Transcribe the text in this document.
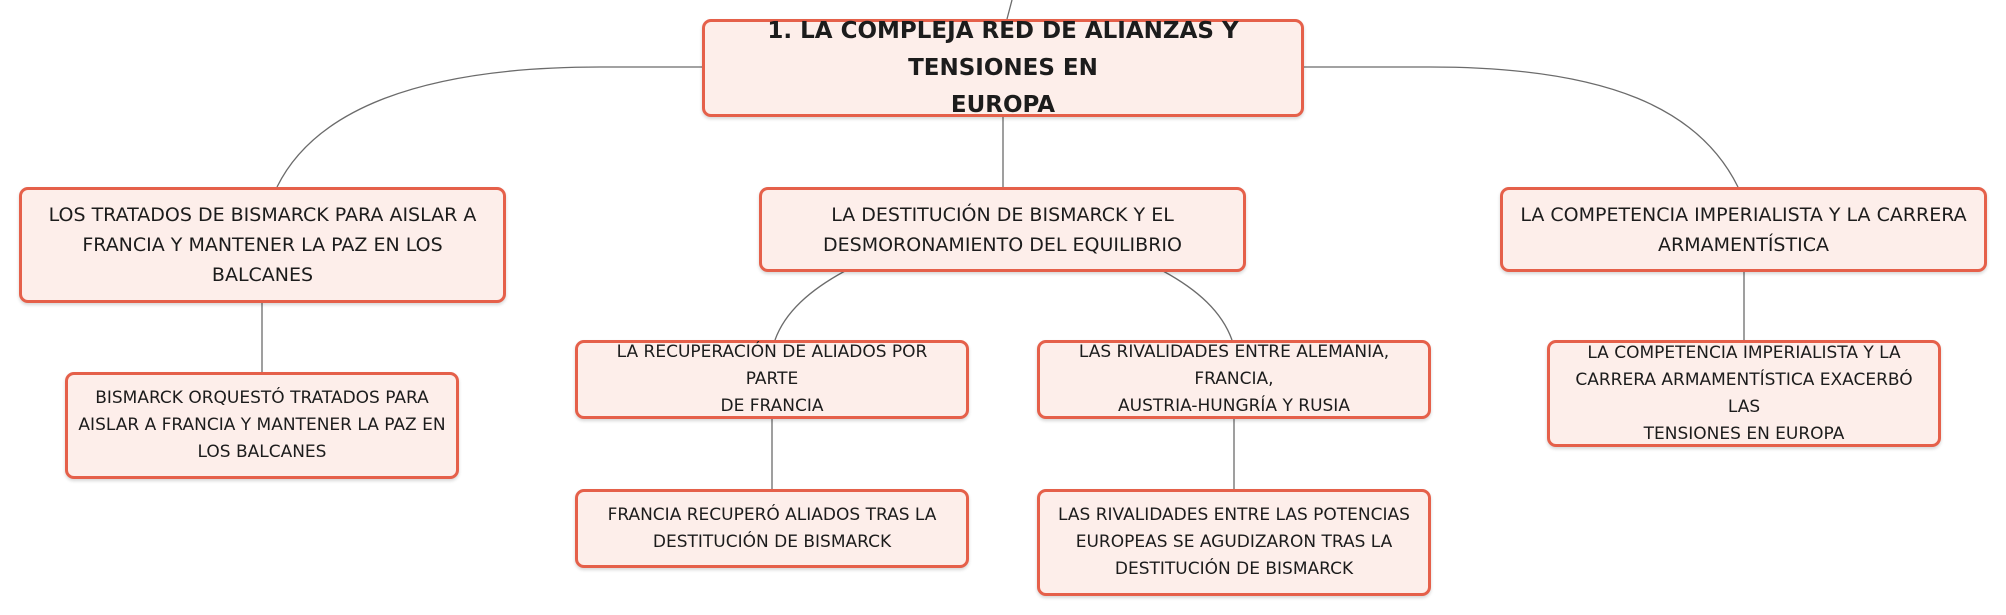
1. LA COMPLEJA RED DE ALIANZAS Y TENSIONES EN
EUROPA
LOS TRATADOS DE BISMARCK PARA AISLAR A
FRANCIA Y MANTENER LA PAZ EN LOS BALCANES
LA DESTITUCIÓN DE BISMARCK Y EL
DESMORONAMIENTO DEL EQUILIBRIO
LA COMPETENCIA IMPERIALISTA Y LA CARRERA
ARMAMENTÍSTICA
BISMARCK ORQUESTÓ TRATADOS PARA
AISLAR A FRANCIA Y MANTENER LA PAZ EN
LOS BALCANES
LA RECUPERACIÓN DE ALIADOS POR PARTE
DE FRANCIA
LAS RIVALIDADES ENTRE ALEMANIA, FRANCIA,
AUSTRIA-HUNGRÍA Y RUSIA
LA COMPETENCIA IMPERIALISTA Y LA
CARRERA ARMAMENTÍSTICA EXACERBÓ LAS
TENSIONES EN EUROPA
FRANCIA RECUPERÓ ALIADOS TRAS LA
DESTITUCIÓN DE BISMARCK
LAS RIVALIDADES ENTRE LAS POTENCIAS
EUROPEAS SE AGUDIZARON TRAS LA
DESTITUCIÓN DE BISMARCK
